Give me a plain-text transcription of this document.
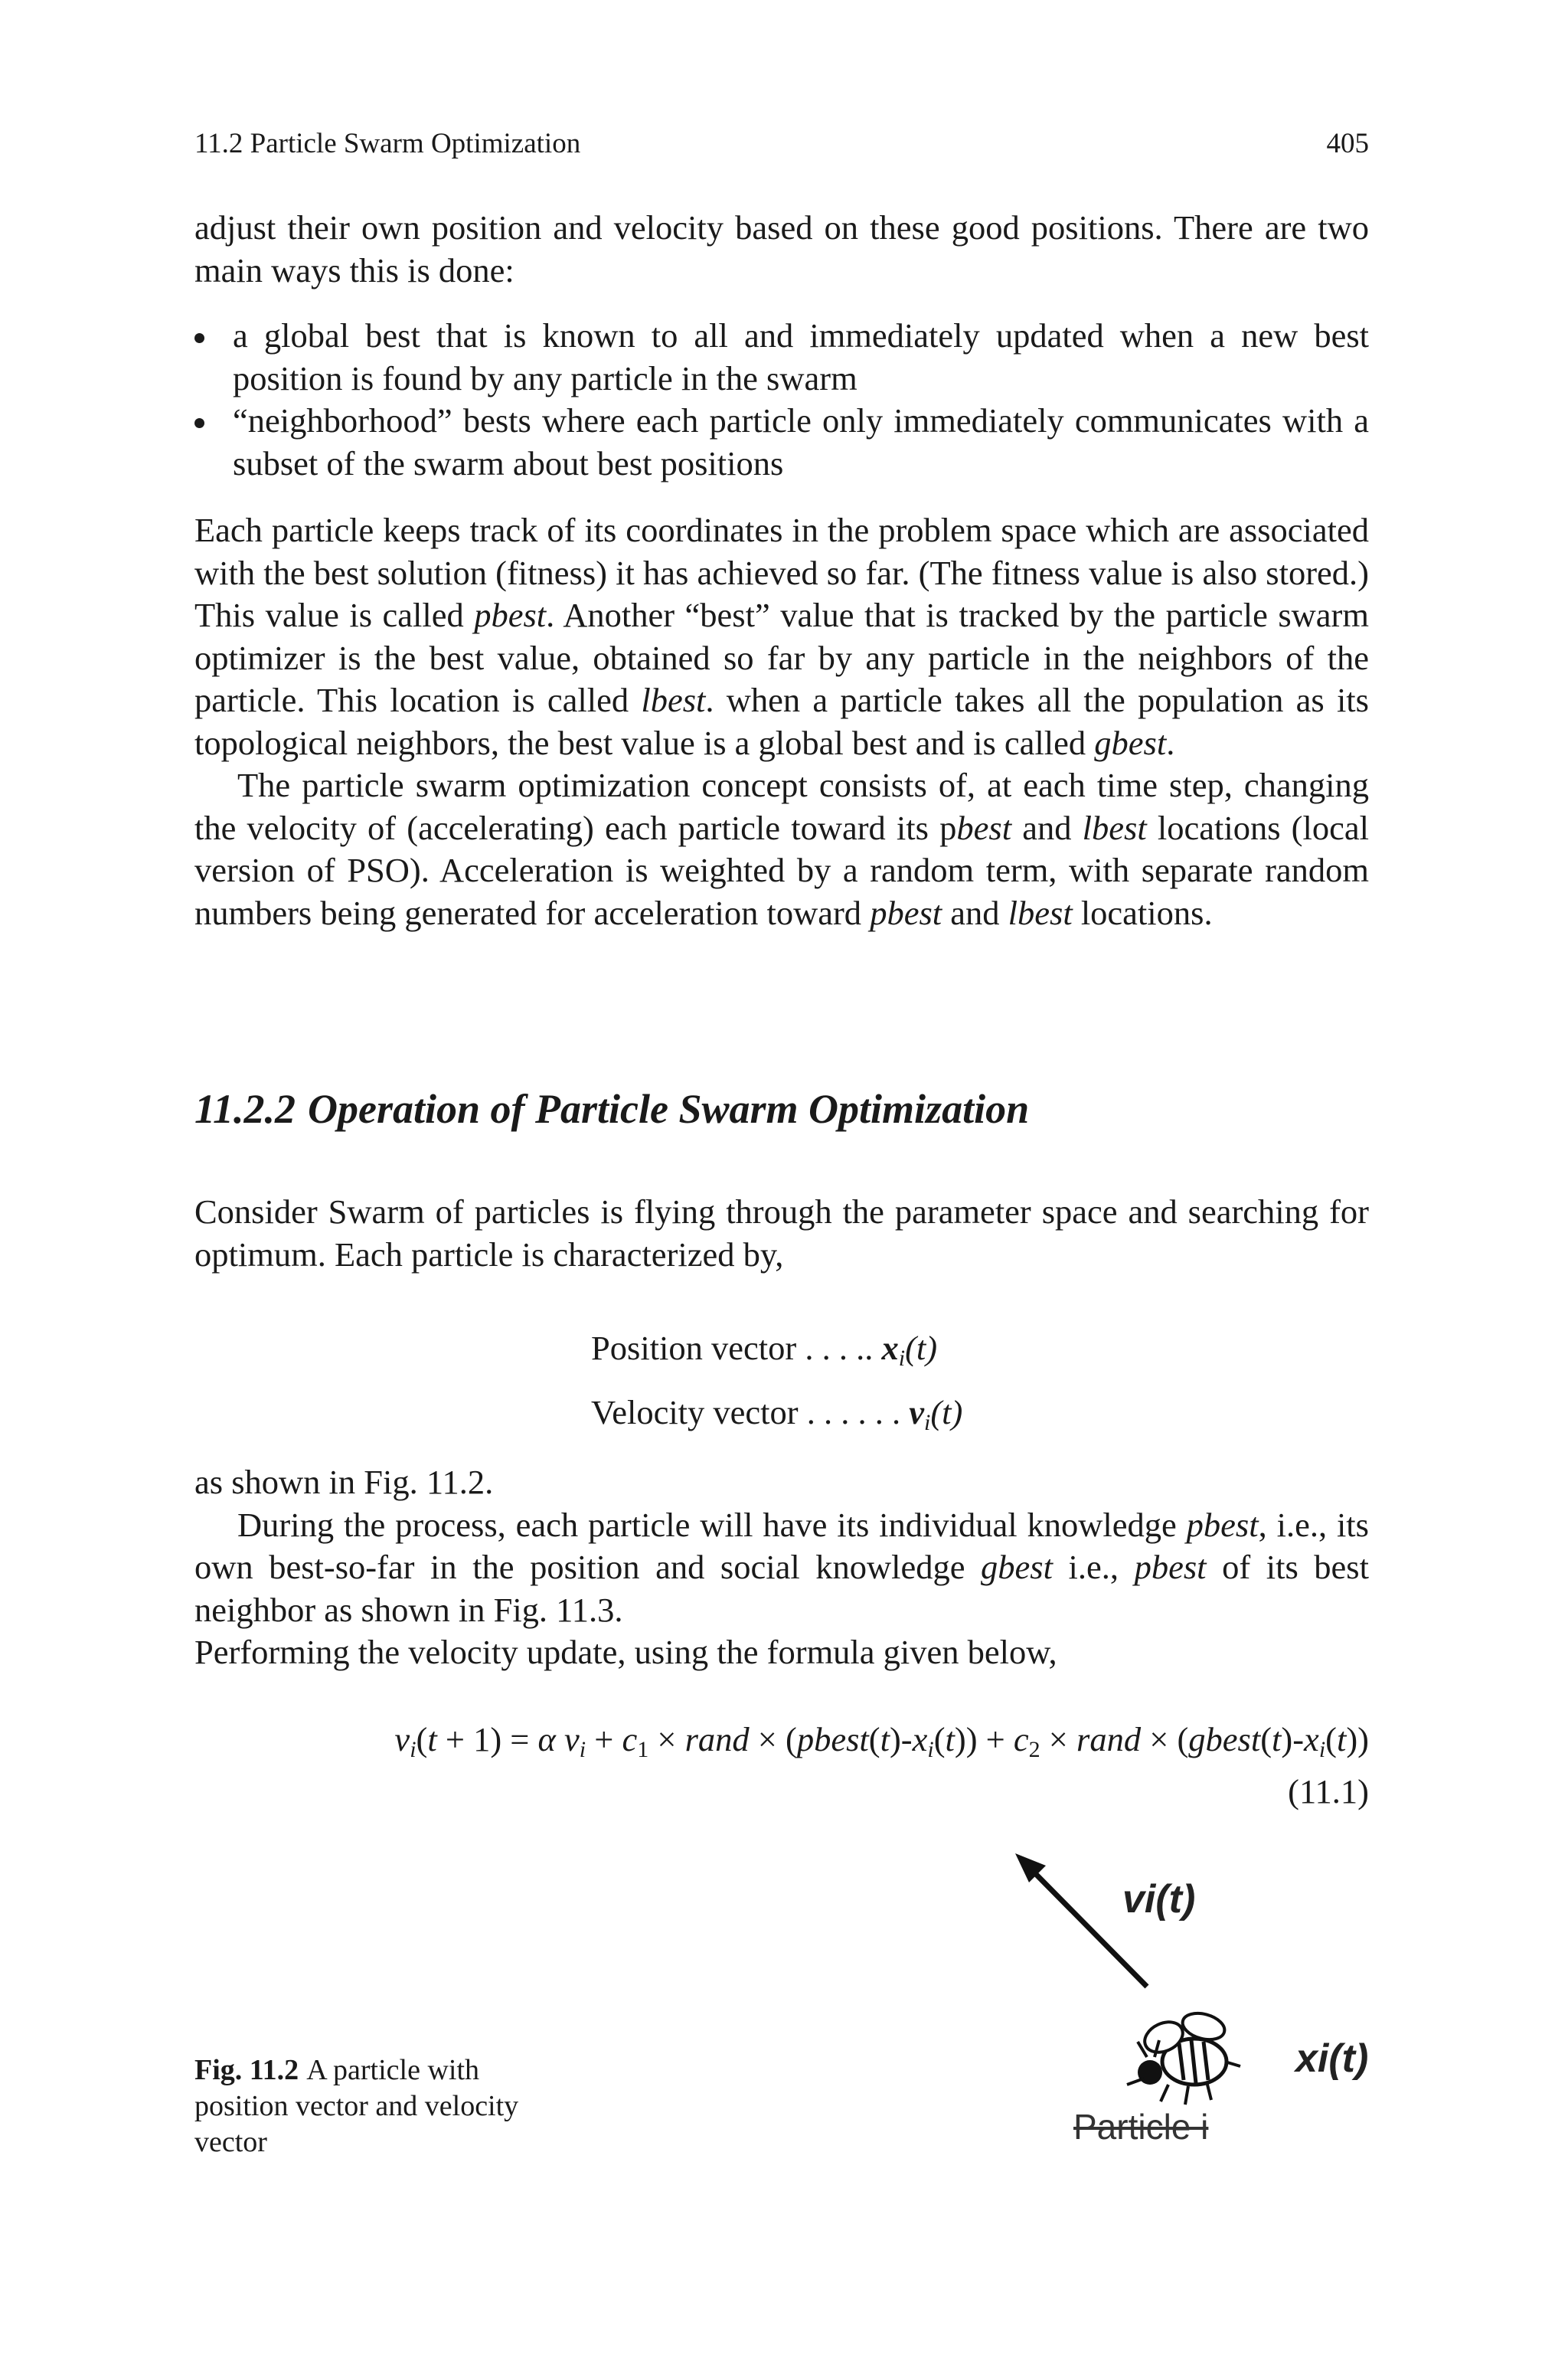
11.2 Particle Swarm Optimization	405

adjust their own position and velocity based on these good positions. There are two main ways this is done:

a global best that is known to all and immediately updated when a new best position is found by any particle in the swarm
“neighborhood” bests where each particle only immediately communicates with a subset of the swarm about best positions

Each particle keeps track of its coordinates in the problem space which are associated with the best solution (fitness) it has achieved so far. (The fitness value is also stored.) This value is called pbest. Another “best” value that is tracked by the particle swarm optimizer is the best value, obtained so far by any particle in the neighbors of the particle. This location is called lbest. when a particle takes all the population as its topological neighbors, the best value is a global best and is called gbest.

The particle swarm optimization concept consists of, at each time step, changing the velocity of (accelerating) each particle toward its pbest and lbest locations (local version of PSO). Acceleration is weighted by a random term, with separate random numbers being generated for acceleration toward pbest and lbest locations.

11.2.2 Operation of Particle Swarm Optimization

Consider Swarm of particles is flying through the parameter space and searching for optimum. Each particle is characterized by,

Position vector . . . .. xi(t)
Velocity vector . . . . . . vi(t)

as shown in Fig. 11.2.

During the process, each particle will have its individual knowledge pbest, i.e., its own best-so-far in the position and social knowledge gbest i.e., pbest of its best neighbor as shown in Fig. 11.3.

Performing the velocity update, using the formula given below,

vi(t + 1) = α vi + c1 × rand × (pbest(t)-xi(t)) + c2 × rand × (gbest(t)-xi(t))
(11.1)
Fig. 11.2 A particle with position vector and velocity vector
vi(t)
xi(t)
Particle i
